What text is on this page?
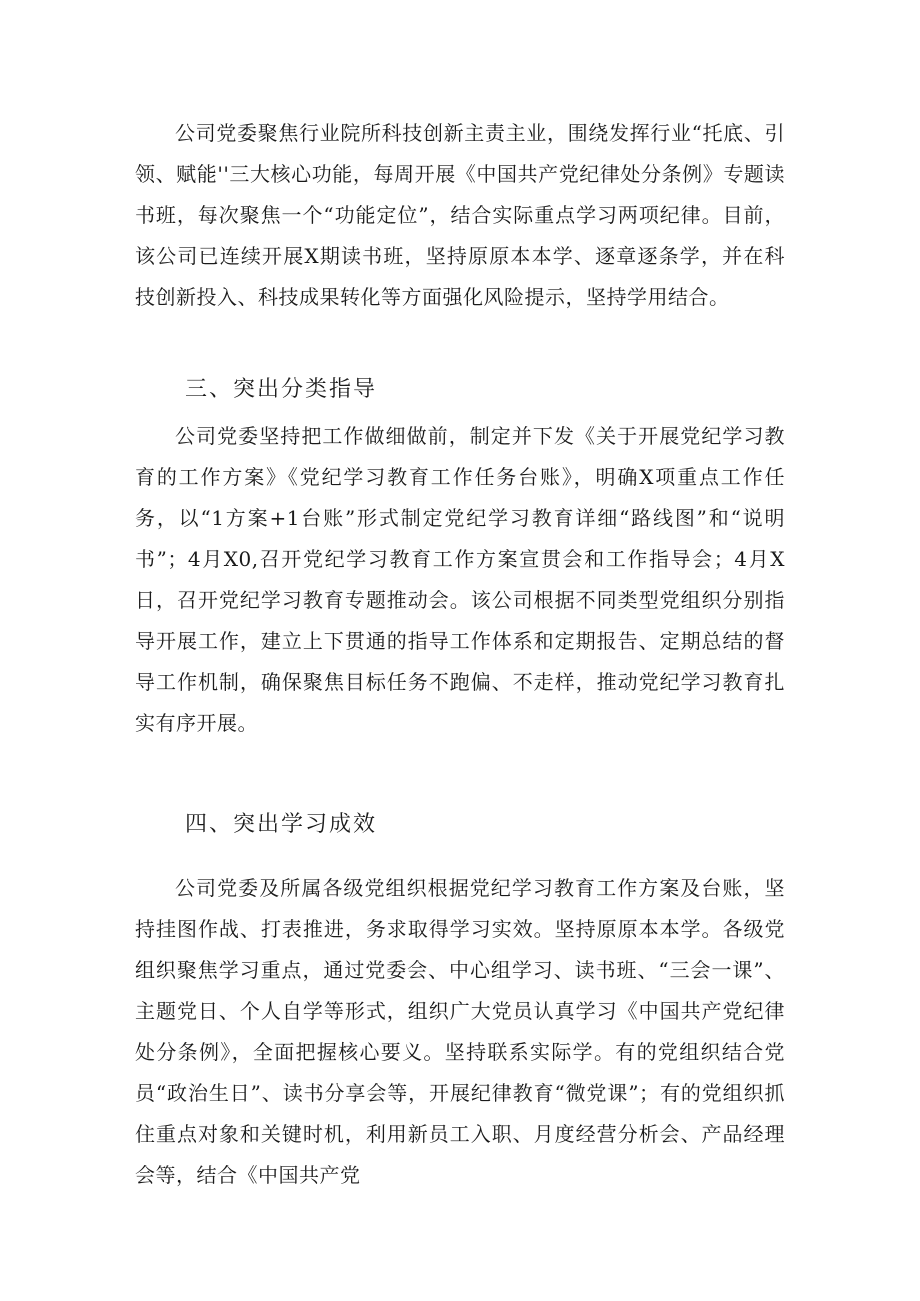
公司党委聚焦行业院所科技创新主责主业，围绕发挥行业“托底、引领、赋能''三大核心功能，每周开展《中国共产党纪律处分条例》专题读书班，每次聚焦一个“功能定位”，结合实际重点学习两项纪律。目前，该公司已连续开展X期读书班，坚持原原本本学、逐章逐条学，并在科技创新投入、科技成果转化等方面强化风险提示，坚持学用结合。

三、突出分类指导

公司党委坚持把工作做细做前，制定并下发《关于开展党纪学习教育的工作方案》《党纪学习教育工作任务台账》，明确X项重点工作任务，以“1方案+1台账”形式制定党纪学习教育详细“路线图”和“说明书”；4月X0,召开党纪学习教育工作方案宣贯会和工作指导会；4月X日，召开党纪学习教育专题推动会。该公司根据不同类型党组织分别指导开展工作，建立上下贯通的指导工作体系和定期报告、定期总结的督导工作机制，确保聚焦目标任务不跑偏、不走样，推动党纪学习教育扎实有序开展。

四、突出学习成效

公司党委及所属各级党组织根据党纪学习教育工作方案及台账，坚持挂图作战、打表推进，务求取得学习实效。坚持原原本本学。各级党组织聚焦学习重点，通过党委会、中心组学习、读书班、“三会一课”、主题党日、个人自学等形式，组织广大党员认真学习《中国共产党纪律处分条例》，全面把握核心要义。坚持联系实际学。有的党组织结合党员“政治生日”、读书分享会等，开展纪律教育“微党课”；有的党组织抓住重点对象和关键时机，利用新员工入职、月度经营分析会、产品经理会等，结合《中国共产党
